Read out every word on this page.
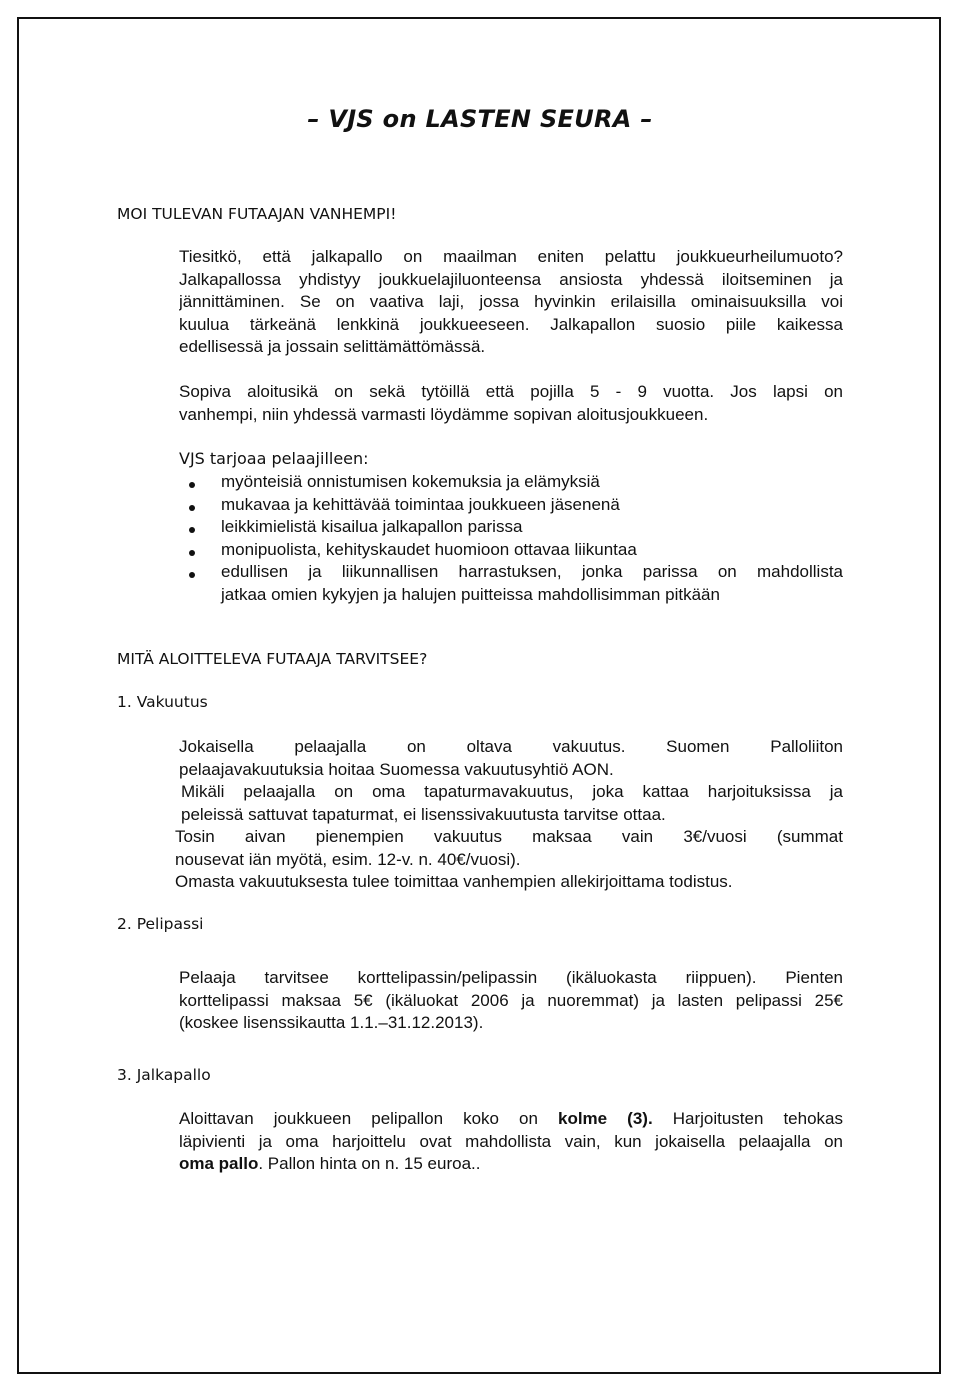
– VJS on LASTEN SEURA –
MOI TULEVAN FUTAAJAN VANHEMPI!
Tiesitkö, että jalkapallo on maailman eniten pelattu joukkueurheilumuoto?
Jalkapallossa yhdistyy joukkuelajiluonteensa ansiosta yhdessä iloitseminen ja
jännittäminen. Se on vaativa laji, jossa hyvinkin erilaisilla ominaisuuksilla voi
kuulua tärkeänä lenkkinä joukkueeseen. Jalkapallon suosio piile kaikessa
edellisessä ja jossain selittämättömässä.
Sopiva aloitusikä on sekä tytöillä että pojilla 5 - 9 vuotta. Jos lapsi on
vanhempi, niin yhdessä varmasti löydämme sopivan aloitusjoukkueen.
VJS tarjoaa pelaajilleen:
myönteisiä onnistumisen kokemuksia ja elämyksiä
mukavaa ja kehittävää toimintaa joukkueen jäsenenä
leikkimielistä kisailua jalkapallon parissa
monipuolista, kehityskaudet huomioon ottavaa liikuntaa
edullisen ja liikunnallisen harrastuksen, jonka parissa on mahdollista
jatkaa omien kykyjen ja halujen puitteissa mahdollisimman pitkään
MITÄ ALOITTELEVA FUTAAJA TARVITSEE?
1. Vakuutus
Jokaisella pelaajalla on oltava vakuutus. Suomen Palloliiton
pelaajavakuutuksia hoitaa Suomessa vakuutusyhtiö AON.
Mikäli pelaajalla on oma tapaturmavakuutus, joka kattaa harjoituksissa ja
peleissä sattuvat tapaturmat, ei lisenssivakuutusta tarvitse ottaa.
Tosin aivan pienempien vakuutus maksaa vain 3€/vuosi (summat
nousevat iän myötä, esim. 12-v. n. 40€/vuosi).
Omasta vakuutuksesta tulee toimittaa vanhempien allekirjoittama todistus.
2. Pelipassi
Pelaaja tarvitsee korttelipassin/pelipassin (ikäluokasta riippuen). Pienten
korttelipassi maksaa 5€ (ikäluokat 2006 ja nuoremmat) ja lasten pelipassi 25€
(koskee lisenssikautta 1.1.–31.12.2013).
3. Jalkapallo
Aloittavan joukkueen pelipallon koko on kolme (3). Harjoitusten tehokas
läpivienti ja oma harjoittelu ovat mahdollista vain, kun jokaisella pelaajalla on
oma pallo. Pallon hinta on n. 15 euroa..
